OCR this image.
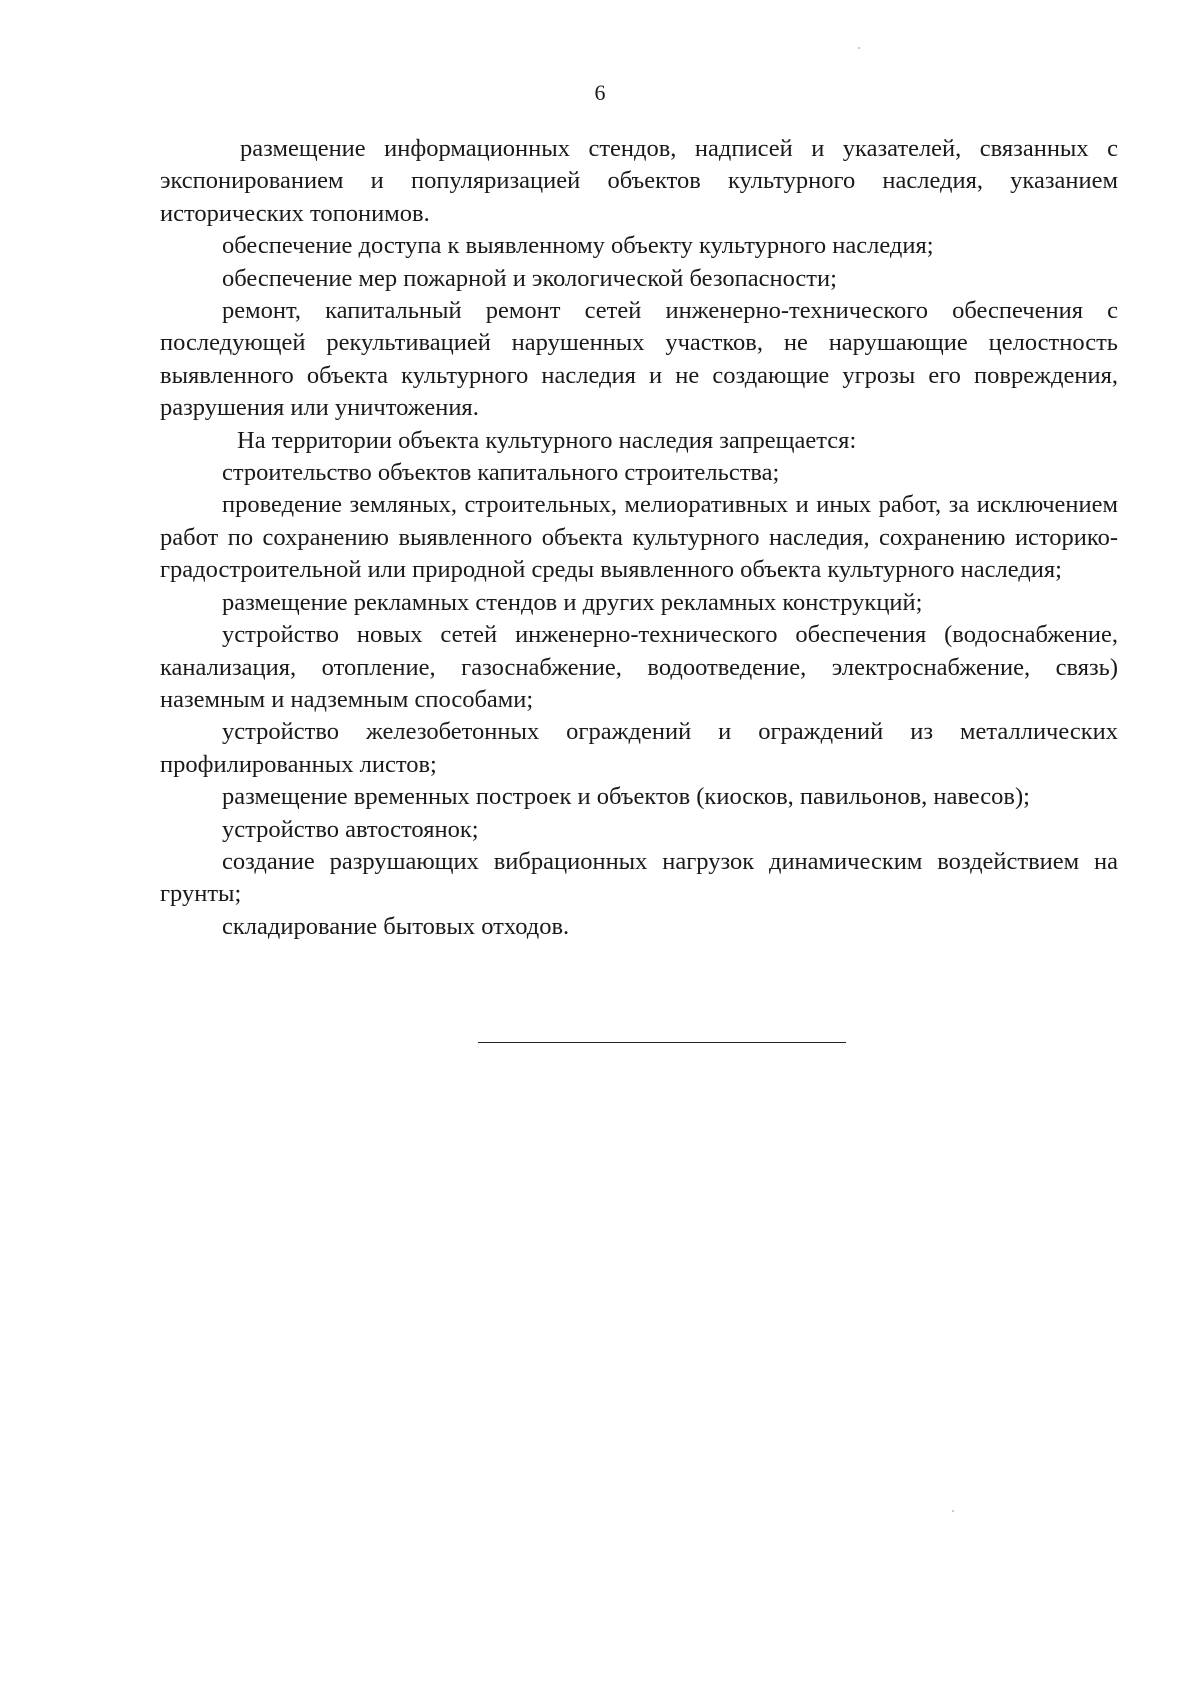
6

размещение информационных стендов, надписей и указателей, связанных с экспонированием и популяризацией объектов культурного наследия, указанием исторических топонимов.

обеспечение доступа к выявленному объекту культурного наследия;

обеспечение мер пожарной и экологической безопасности;

ремонт, капитальный ремонт сетей инженерно-технического обеспечения с последующей рекультивацией нарушенных участков, не нарушающие целостность выявленного объекта культурного наследия и не создающие угрозы его повреждения, разрушения или уничтожения.

На территории объекта культурного наследия запрещается:

строительство объектов капитального строительства;

проведение земляных, строительных, мелиоративных и иных работ, за исключением работ по сохранению выявленного объекта культурного наследия, сохранению историко-градостроительной или природной среды выявленного объекта культурного наследия;

размещение рекламных стендов и других рекламных конструкций;

устройство новых сетей инженерно-технического обеспечения (водоснабжение, канализация, отопление, газоснабжение, водоотведение, электроснабжение, связь) наземным и надземным способами;

устройство железобетонных ограждений и ограждений из металлических профилированных листов;

размещение временных построек и объектов (киосков, павильонов, навесов);

устройство автостоянок;

создание разрушающих вибрационных нагрузок динамическим воздействием на грунты;

складирование бытовых отходов.
